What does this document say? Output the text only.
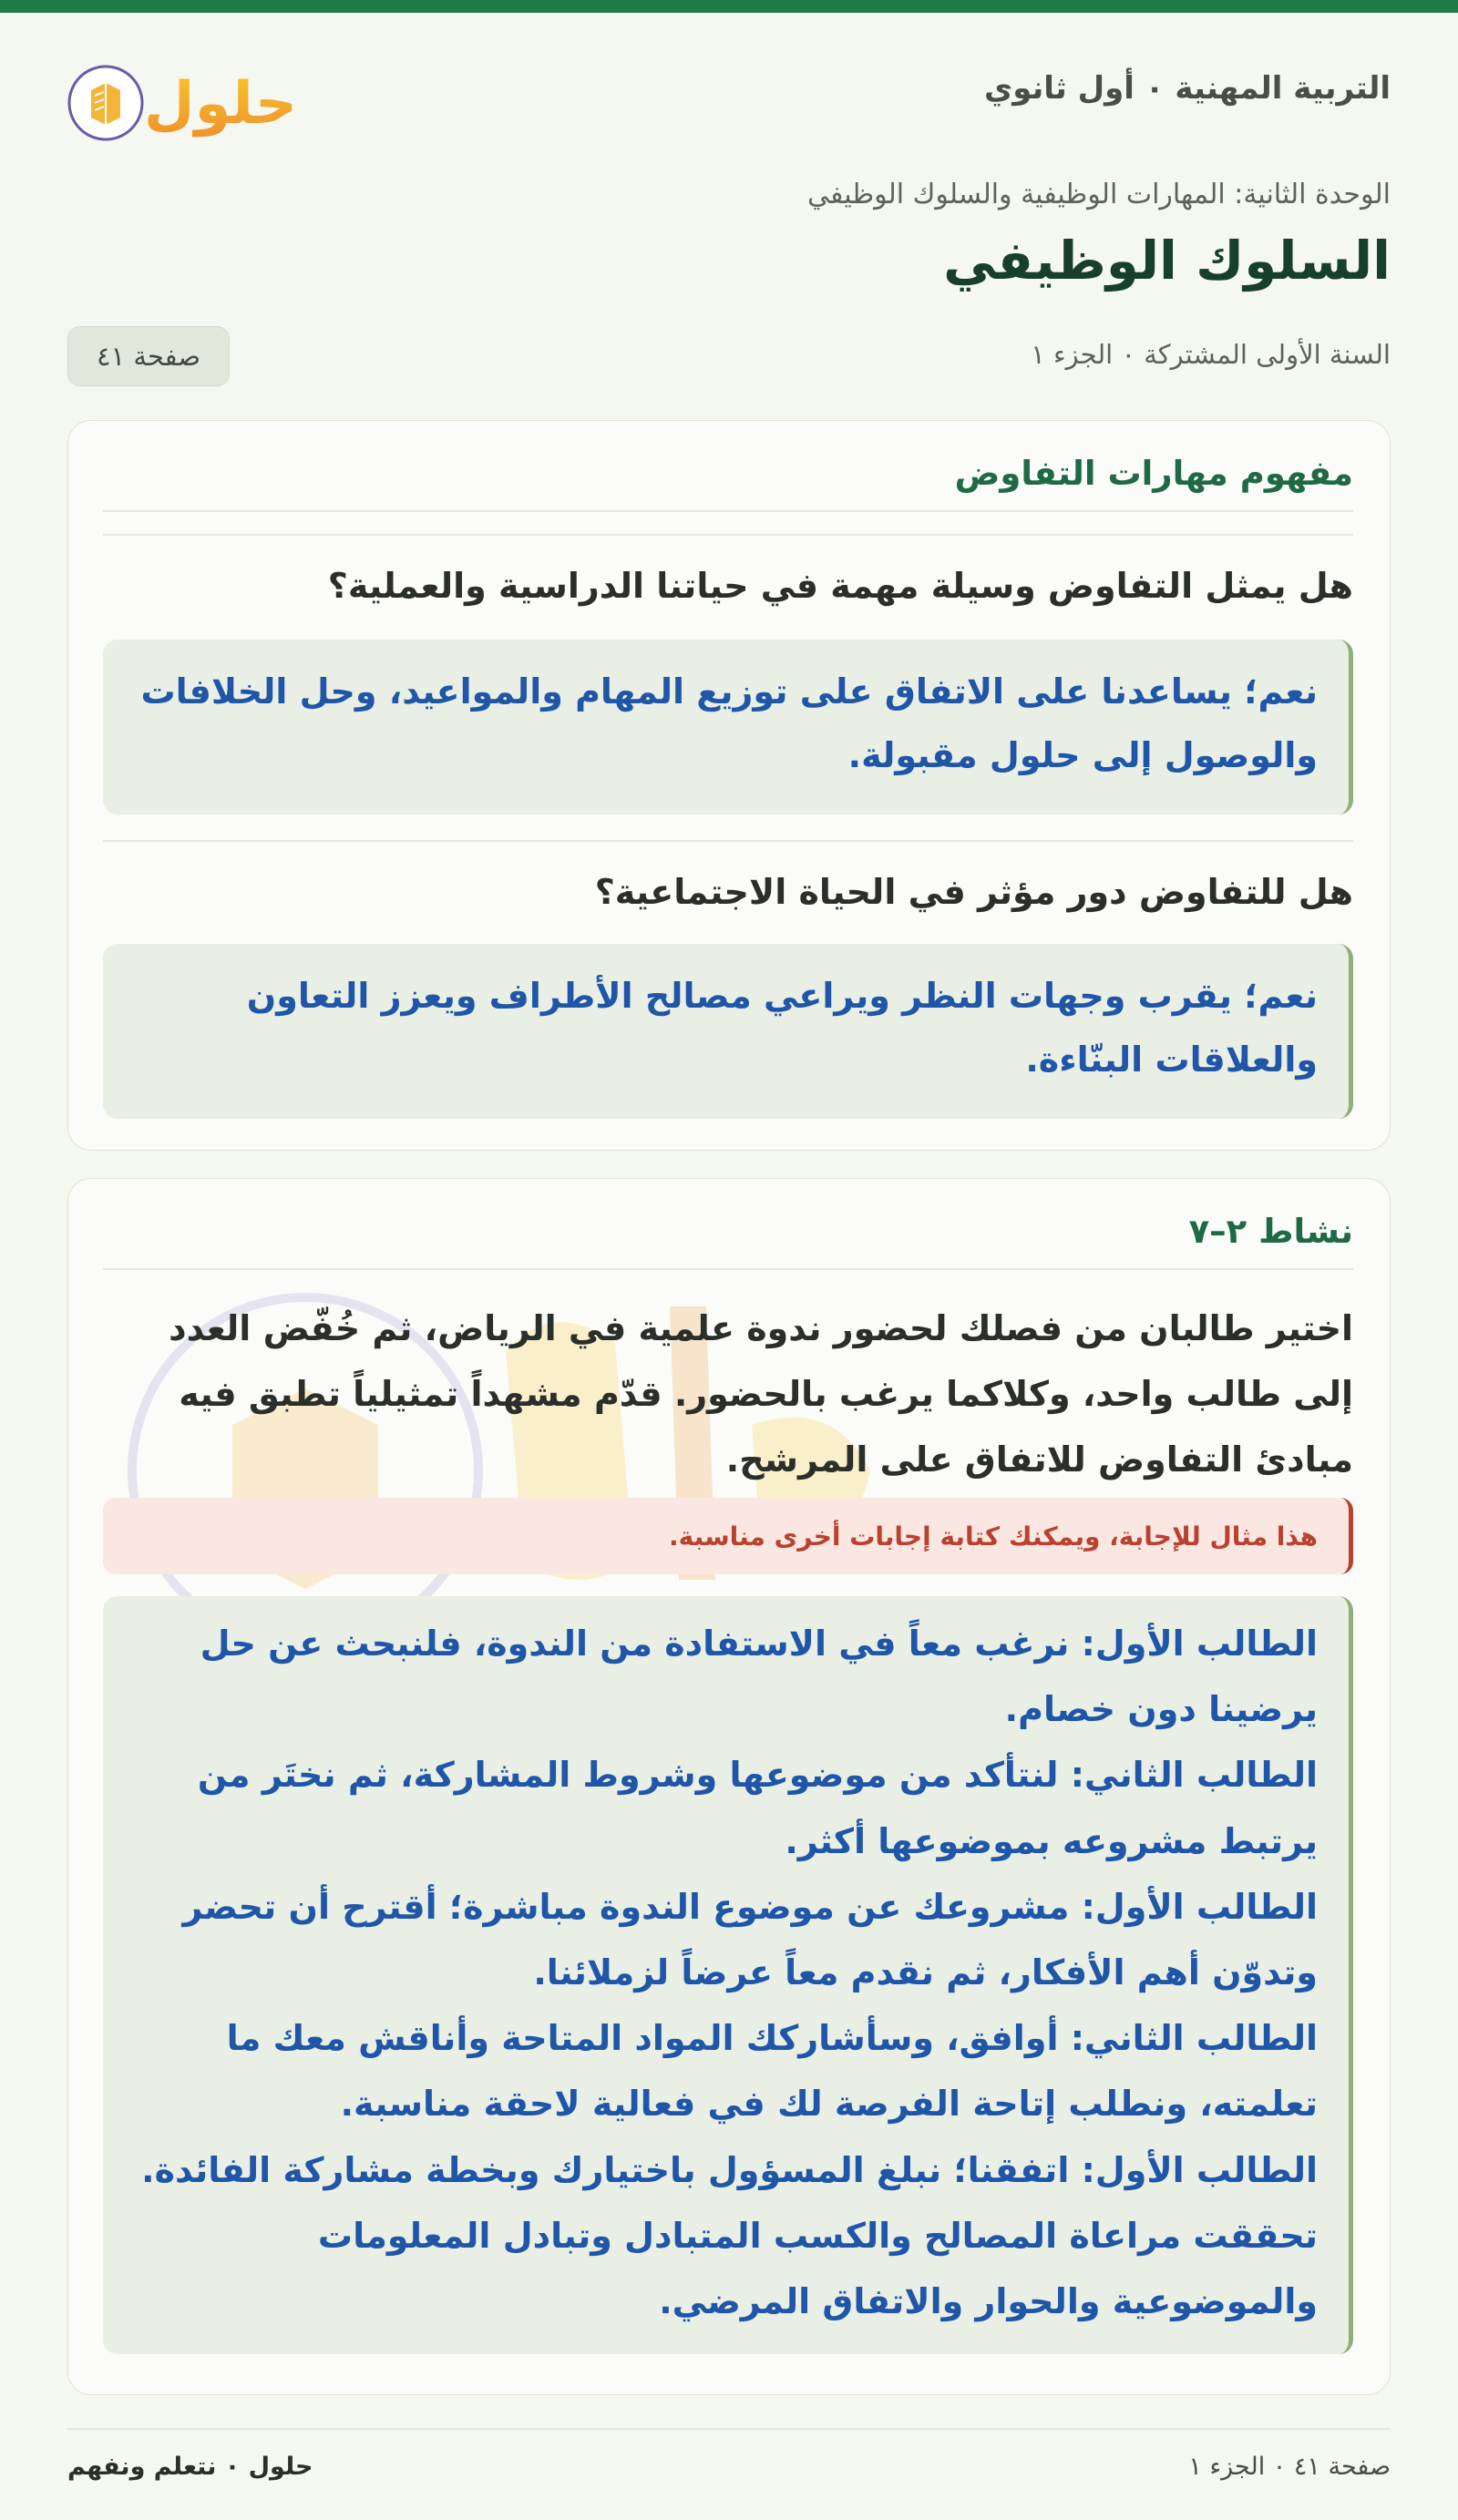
التربية المهنية ٠ أول ثانوي
حلول
الوحدة الثانية: المهارات الوظيفية والسلوك الوظيفي
السلوك الوظيفي
السنة الأولى المشتركة ٠ الجزء ١
صفحة ٤١
مفهوم مهارات التفاوض
هل يمثل التفاوض وسيلة مهمة في حياتنا الدراسية والعملية؟

نعم؛ يساعدنا على الاتفاق على توزيع المهام والمواعيد، وحل الخلافات والوصول إلى حلول مقبولة.

هل للتفاوض دور مؤثر في الحياة الاجتماعية؟

نعم؛ يقرب وجهات النظر ويراعي مصالح الأطراف ويعزز التعاون والعلاقات البنّاءة.

نشاط ٢–٧
اختير طالبان من فصلك لحضور ندوة علمية في الرياض، ثم خُفّض العدد إلى طالب واحد، وكلاكما يرغب بالحضور. قدّم مشهداً تمثيلياً تطبق فيه مبادئ التفاوض للاتفاق على المرشح.
هذا مثال للإجابة، ويمكنك كتابة إجابات أخرى مناسبة.

الطالب الأول: نرغب معاً في الاستفادة من الندوة، فلنبحث عن حل يرضينا دون خصام.

الطالب الثاني: لنتأكد من موضوعها وشروط المشاركة، ثم نختَر من يرتبط مشروعه بموضوعها أكثر.

الطالب الأول: مشروعك عن موضوع الندوة مباشرة؛ أقترح أن تحضر وتدوّن أهم الأفكار، ثم نقدم معاً عرضاً لزملائنا.

الطالب الثاني: أوافق، وسأشاركك المواد المتاحة وأناقش معك ما تعلمته، ونطلب إتاحة الفرصة لك في فعالية لاحقة مناسبة.

الطالب الأول: اتفقنا؛ نبلغ المسؤول باختيارك وبخطة مشاركة الفائدة.

تحققت مراعاة المصالح والكسب المتبادل وتبادل المعلومات والموضوعية والحوار والاتفاق المرضي.

صفحة ٤١ ٠ الجزء ١
حلول ٠ نتعلم ونفهم
